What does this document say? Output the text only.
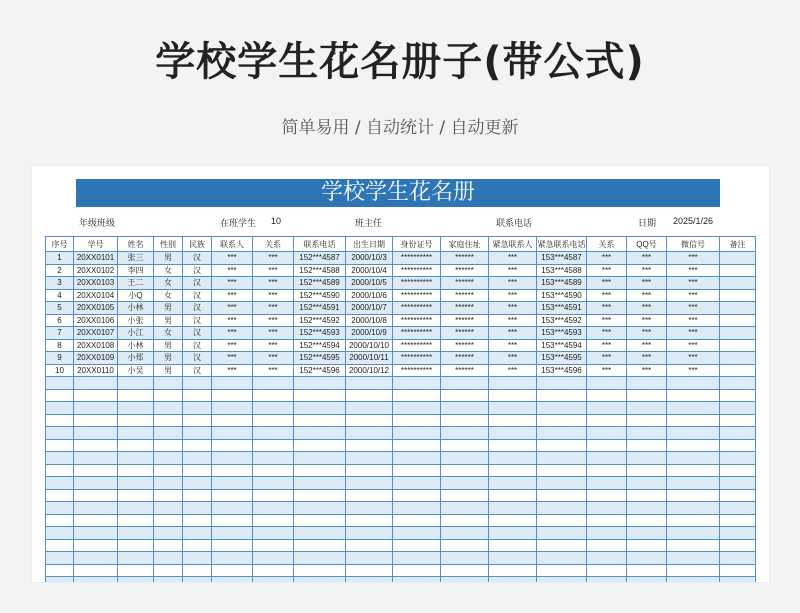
学校学生花名册子(带公式)
简单易用 / 自动统计 / 自动更新
学校学生花名册
年级班级	在班学生 10	班主任	联系电话	日期 2025/1/26
序号	学号	姓名	性别	民族	联系人	关系	联系电话	出生日期	身份证号	家庭住址	紧急联系人	紧急联系电话	关系	QQ号	微信号	备注
1	20XX0101	张三	男	汉	***	***	152***4587	2000/10/3	**********	******	***	153***4587	***	***	***	
2	20XX0102	李四	女	汉	***	***	152***4588	2000/10/4	**********	******	***	153***4588	***	***	***	
3	20XX0103	王二	女	汉	***	***	152***4589	2000/10/5	**********	******	***	153***4589	***	***	***	
4	20XX0104	小Q	女	汉	***	***	152***4590	2000/10/6	**********	******	***	153***4590	***	***	***	
5	20XX0105	小林	男	汉	***	***	152***4591	2000/10/7	**********	******	***	153***4591	***	***	***	
6	20XX0106	小张	男	汉	***	***	152***4592	2000/10/8	**********	******	***	153***4592	***	***	***	
7	20XX0107	小江	女	汉	***	***	152***4593	2000/10/9	**********	******	***	153***4593	***	***	***	
8	20XX0108	小林	男	汉	***	***	152***4594	2000/10/10	**********	******	***	153***4594	***	***	***	
9	20XX0109	小郑	男	汉	***	***	152***4595	2000/10/11	**********	******	***	153***4595	***	***	***	
10	20XX0110	小吴	男	汉	***	***	152***4596	2000/10/12	**********	******	***	153***4596	***	***	***	
